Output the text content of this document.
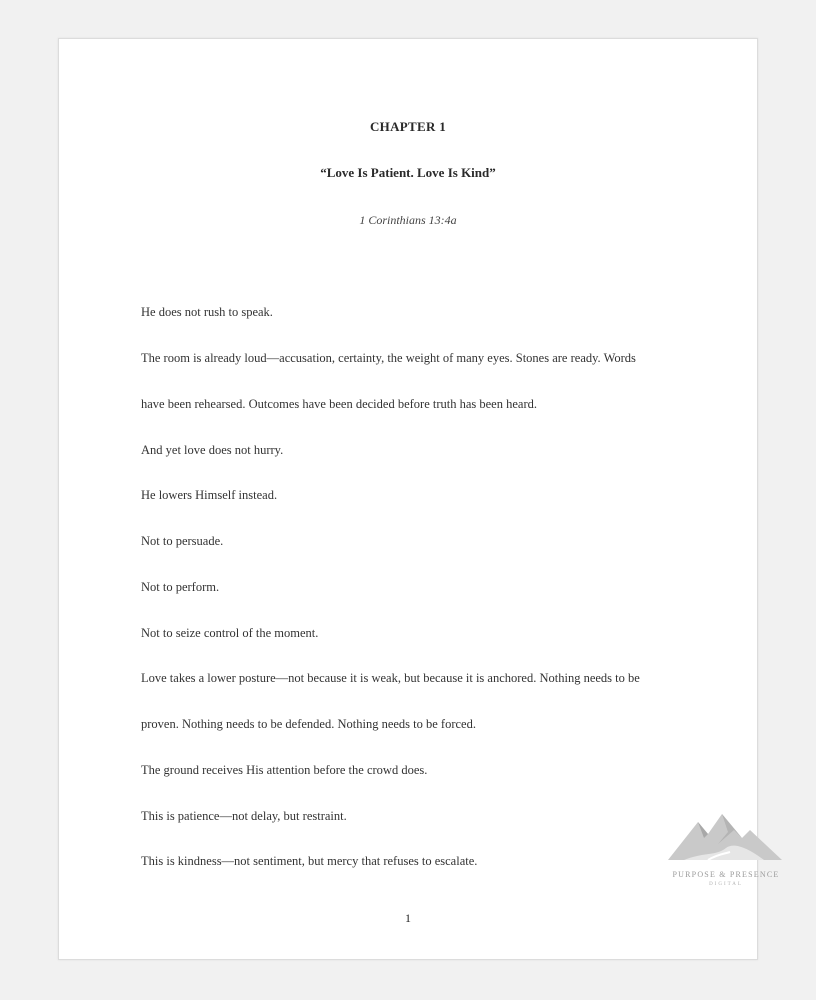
CHAPTER 1
“Love Is Patient. Love Is Kind”
1 Corinthians 13:4a
He does not rush to speak.
The room is already loud—accusation, certainty, the weight of many eyes. Stones are ready. Words
have been rehearsed. Outcomes have been decided before truth has been heard.
And yet love does not hurry.
He lowers Himself instead.
Not to persuade.
Not to perform.
Not to seize control of the moment.
Love takes a lower posture—not because it is weak, but because it is anchored. Nothing needs to be
proven. Nothing needs to be defended. Nothing needs to be forced.
The ground receives His attention before the crowd does.
This is patience—not delay, but restraint.
This is kindness—not sentiment, but mercy that refuses to escalate.
1
PURPOSE & PRESENCE
DIGITAL
